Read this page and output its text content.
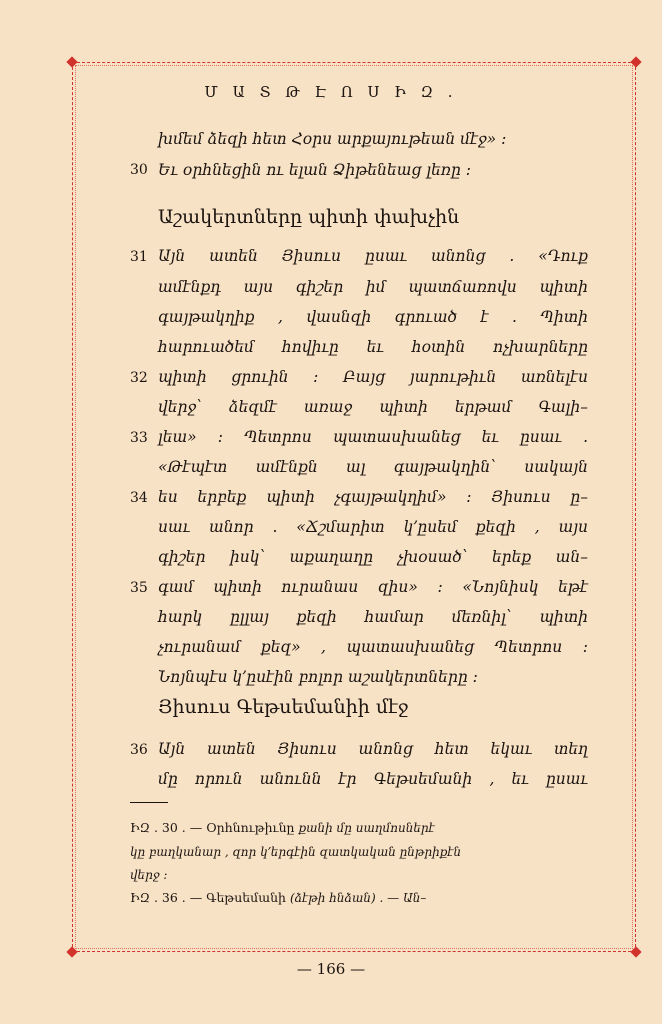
Մ Ա Տ Թ Է Ո Ս Ի Զ .
խմեմ ձեզի հետ Հօրս արքայութեան մէջ» :
30 Եւ օրհնեցին ու ելան Ձիթենեաց լեռը ։
Աշակերտները պիտի փախչին
31 Այն ատեն Յիսուս ըսաւ անոնց . «Դուք
ամէնքդ այս գիշեր իմ պատճառովս պիտի
գայթակղիք , վասնզի գրուած է . Պիտի
հարուածեմ հովիւը եւ հօտին ոչխարները
32 պիտի ցրուին ։ Բայց յարութիւն առնելէս
վերջ՝ ձեզմէ առաջ պիտի երթամ Գալի–
33 լեա» ։ Պետրոս պատասխանեց եւ ըսաւ .
«Թէպէտ ամէնքն ալ գայթակղին՝ սակայն
34 ես երբեք պիտի չգայթակղիմ» ։ Յիսուս ը–
սաւ անոր . «Ճշմարիտ կ՚ըսեմ քեզի , այս
գիշեր իսկ՝ աքաղաղը չխօսած՝ երեք ան–
35 գամ պիտի ուրանաս զիս» ։ «Նոյնիսկ եթէ
հարկ ըլլայ քեզի համար մեռնիլ՝ պիտի
չուրանամ քեզ» , պատասխանեց Պետրոս ։
Նոյնպէս կ՚ըսէին բոլոր աշակերտները ։
Յիսուս Գեթսեմանիի մէջ
36 Այն ատեն Յիսուս անոնց հետ եկաւ տեղ
մը որուն անունն էր Գեթսեմանի , եւ ըսաւ
ԻԶ . 30 . — Օրհնութիւնը քանի մը սաղմոսներէ
կը բաղկանար , զոր կ՚երգէին զատկական ընթրիքէն
վերջ ։
ԻԶ . 36 . — Գեթսեմանի (ձէթի հնձան) . — Ան–
— 166 —
